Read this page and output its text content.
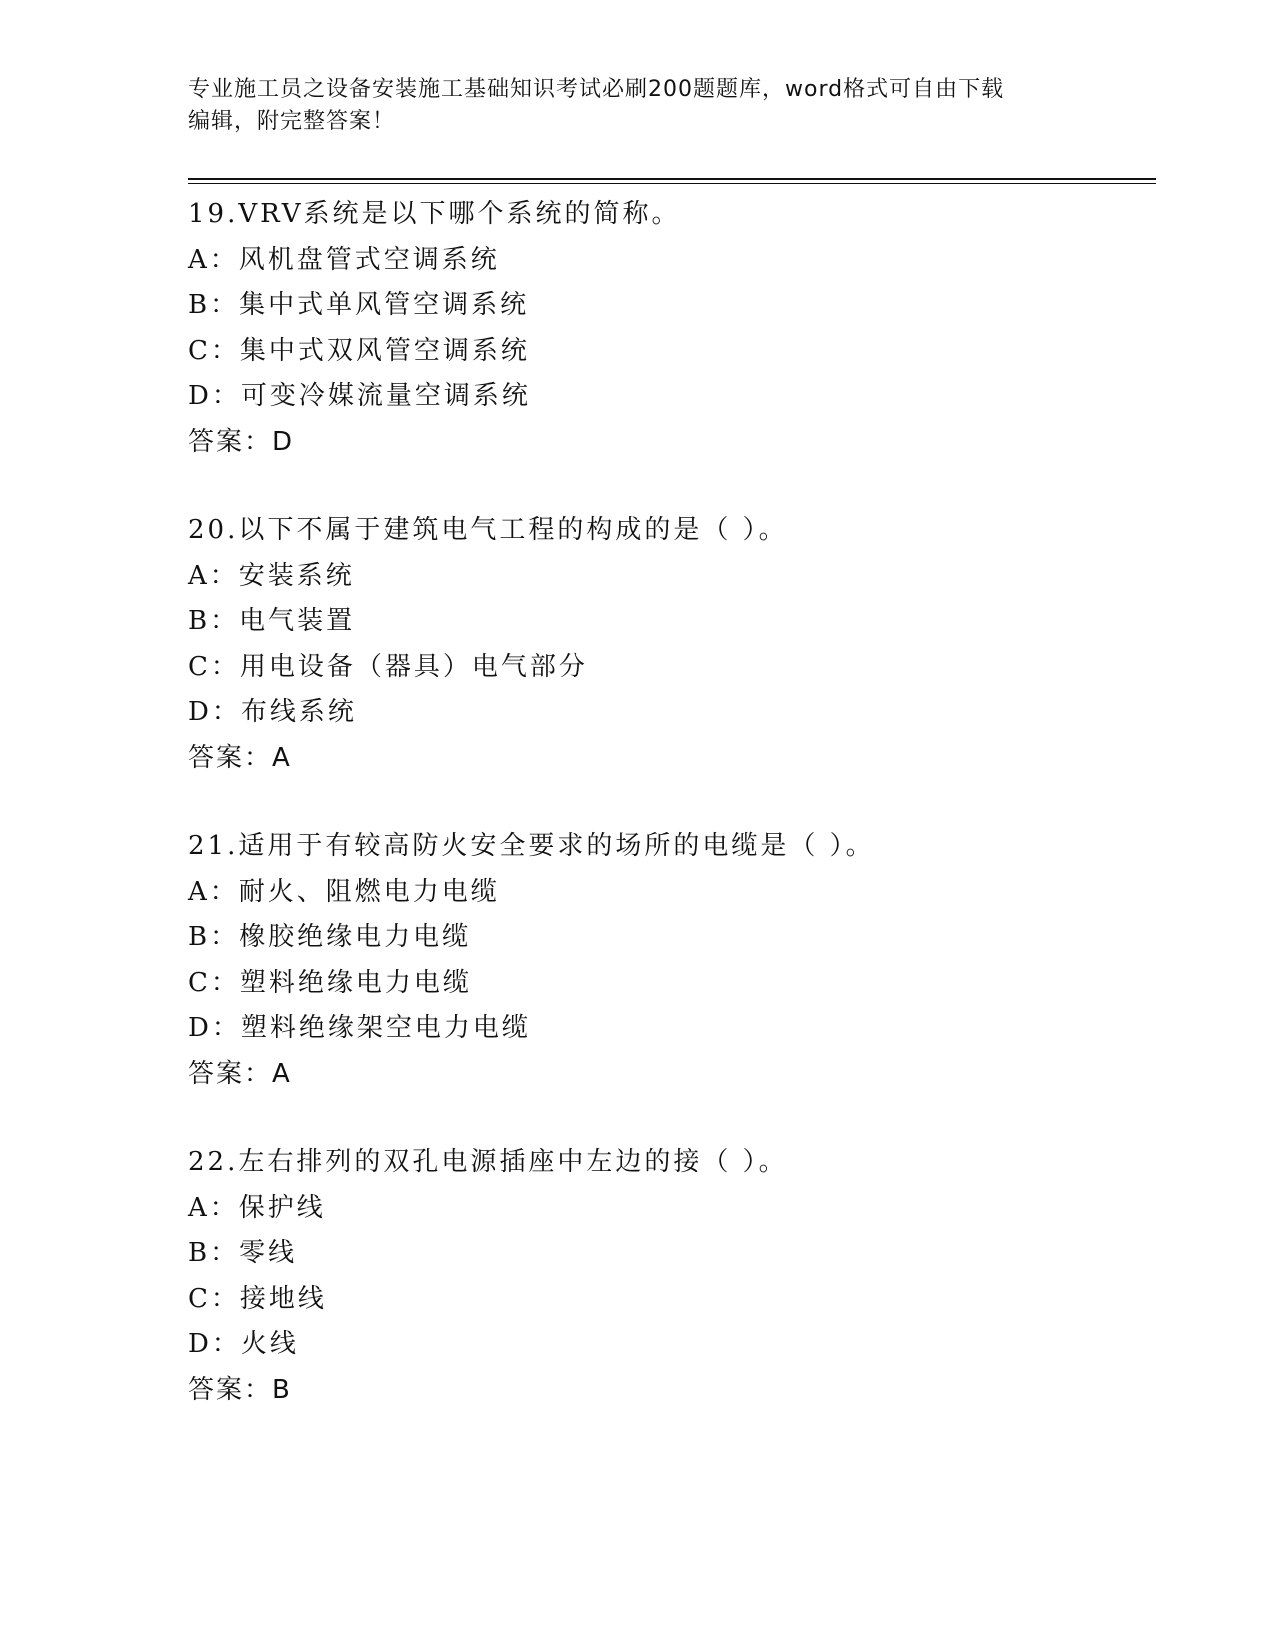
专业施工员之设备安装施工基础知识考试必刷200题题库，word格式可自由下载
编辑，附完整答案！
19.VRV系统是以下哪个系统的简称。
A：风机盘管式空调系统
B：集中式单风管空调系统
C：集中式双风管空调系统
D：可变冷媒流量空调系统
答案：D
20.以下不属于建筑电气工程的构成的是（ ）。
A：安装系统
B：电气装置
C：用电设备（器具）电气部分
D：布线系统
答案：A
21.适用于有较高防火安全要求的场所的电缆是（ ）。
A：耐火、阻燃电力电缆
B：橡胶绝缘电力电缆
C：塑料绝缘电力电缆
D：塑料绝缘架空电力电缆
答案：A
22.左右排列的双孔电源插座中左边的接（ ）。
A：保护线
B：零线
C：接地线
D：火线
答案：B
